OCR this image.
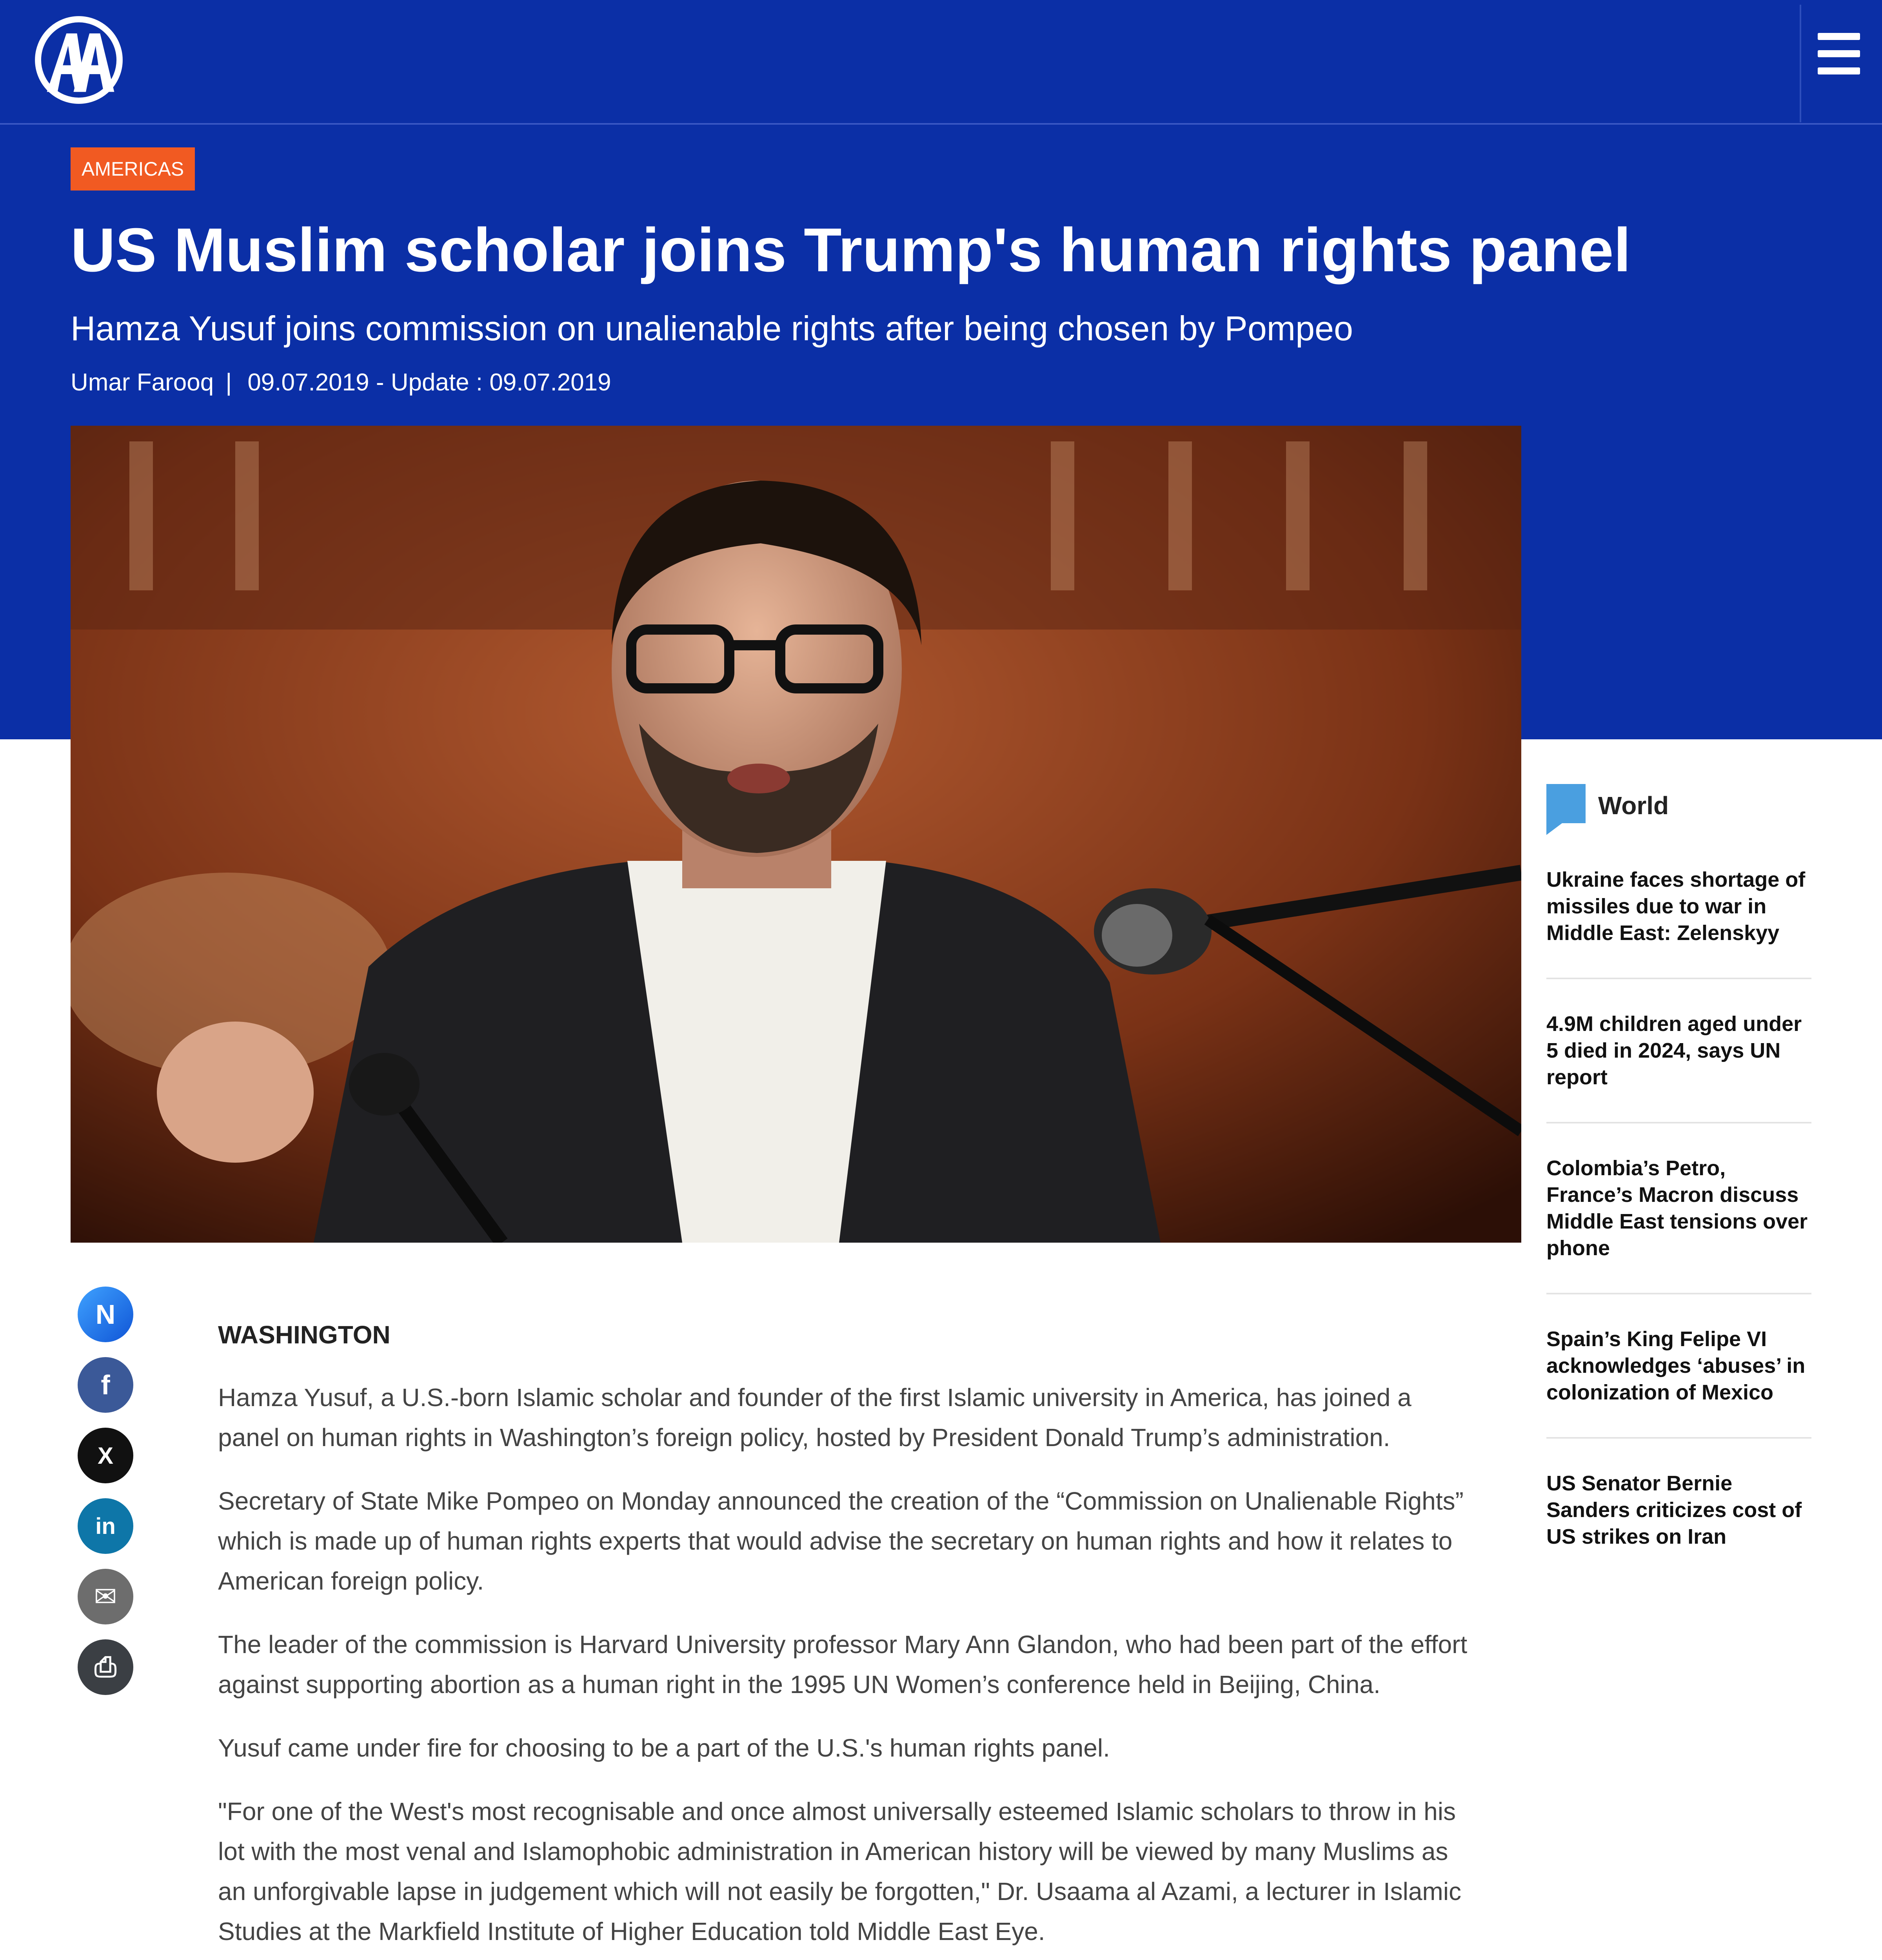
AMERICAS
US Muslim scholar joins Trump's human rights panel
Hamza Yusuf joins commission on unalienable rights after being chosen by Pompeo
Umar Farooq | 09.07.2019 - Update : 09.07.2019
N
f
X
in
✉
⎙
WASHINGTON

Hamza Yusuf, a U.S.-born Islamic scholar and founder of the first Islamic university in America, has joined a panel on human rights in Washington’s foreign policy, hosted by President Donald Trump’s administration.

Secretary of State Mike Pompeo on Monday announced the creation of the “Commission on Unalienable Rights” which is made up of human rights experts that would advise the secretary on human rights and how it relates to American foreign policy.

The leader of the commission is Harvard University professor Mary Ann Glandon, who had been part of the effort against supporting abortion as a human right in the 1995 UN Women’s conference held in Beijing, China.

Yusuf came under fire for choosing to be a part of the U.S.'s human rights panel.

"For one of the West's most recognisable and once almost universally esteemed Islamic scholars to throw in his lot with the most venal and Islamophobic administration in American history will be viewed by many Muslims as an unforgivable lapse in judgement which will not easily be forgotten," Dr. Usaama al Azami, a lecturer in Islamic Studies at the Markfield Institute of Higher Education told Middle East Eye.

World
Ukraine faces shortage of missiles due to war in Middle East: Zelenskyy
4.9M children aged under 5 died in 2024, says UN report
Colombia’s Petro, France’s Macron discuss Middle East tensions over phone
Spain’s King Felipe VI acknowledges ‘abuses’ in colonization of Mexico
US Senator Bernie Sanders criticizes cost of US strikes on Iran
